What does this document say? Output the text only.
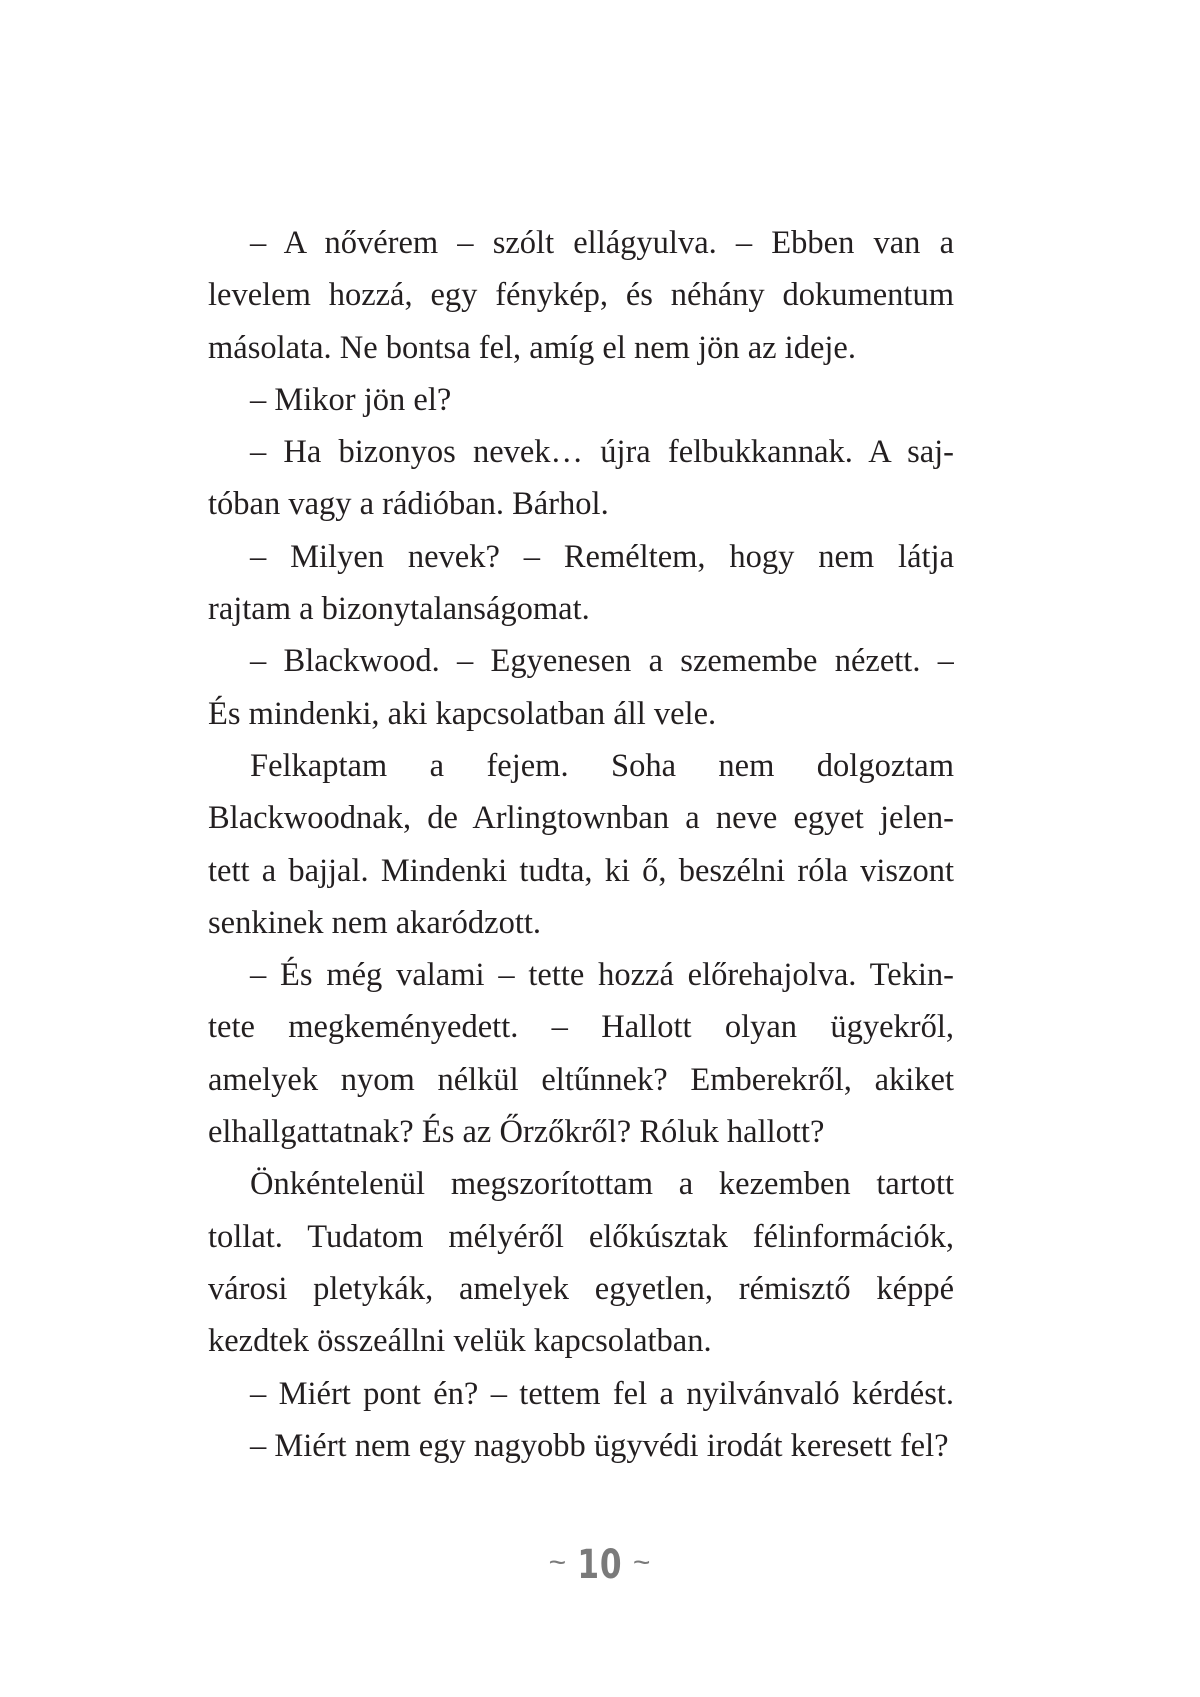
– A nővérem – szólt ellágyulva. – Ebben van a
levelem hozzá, egy fénykép, és néhány dokumentum
másolata. Ne bontsa fel, amíg el nem jön az ideje.
– Mikor jön el?
– Ha bizonyos nevek… újra felbukkannak. A saj-
tóban vagy a rádióban. Bárhol.
– Milyen nevek? – Reméltem, hogy nem látja
rajtam a bizonytalanságomat.
– Blackwood. – Egyenesen a szemembe nézett. –
És mindenki, aki kapcsolatban áll vele.
Felkaptam a fejem. Soha nem dolgoztam
Blackwoodnak, de Arlingtownban a neve egyet jelen-
tett a bajjal. Mindenki tudta, ki ő, beszélni róla viszont
senkinek nem akaródzott.
– És még valami – tette hozzá előrehajolva. Tekin-
tete megkeményedett. – Hallott olyan ügyekről,
amelyek nyom nélkül eltűnnek? Emberekről, akiket
elhallgattatnak? És az Őrzőkről? Róluk hallott?
Önkéntelenül megszorítottam a kezemben tartott
tollat. Tudatom mélyéről előkúsztak félinformációk,
városi pletykák, amelyek egyetlen, rémisztő képpé
kezdtek összeállni velük kapcsolatban.
– Miért pont én? – tettem fel a nyilvánvaló kérdést.
– Miért nem egy nagyobb ügyvédi irodát keresett fel?
~ 10 ~
